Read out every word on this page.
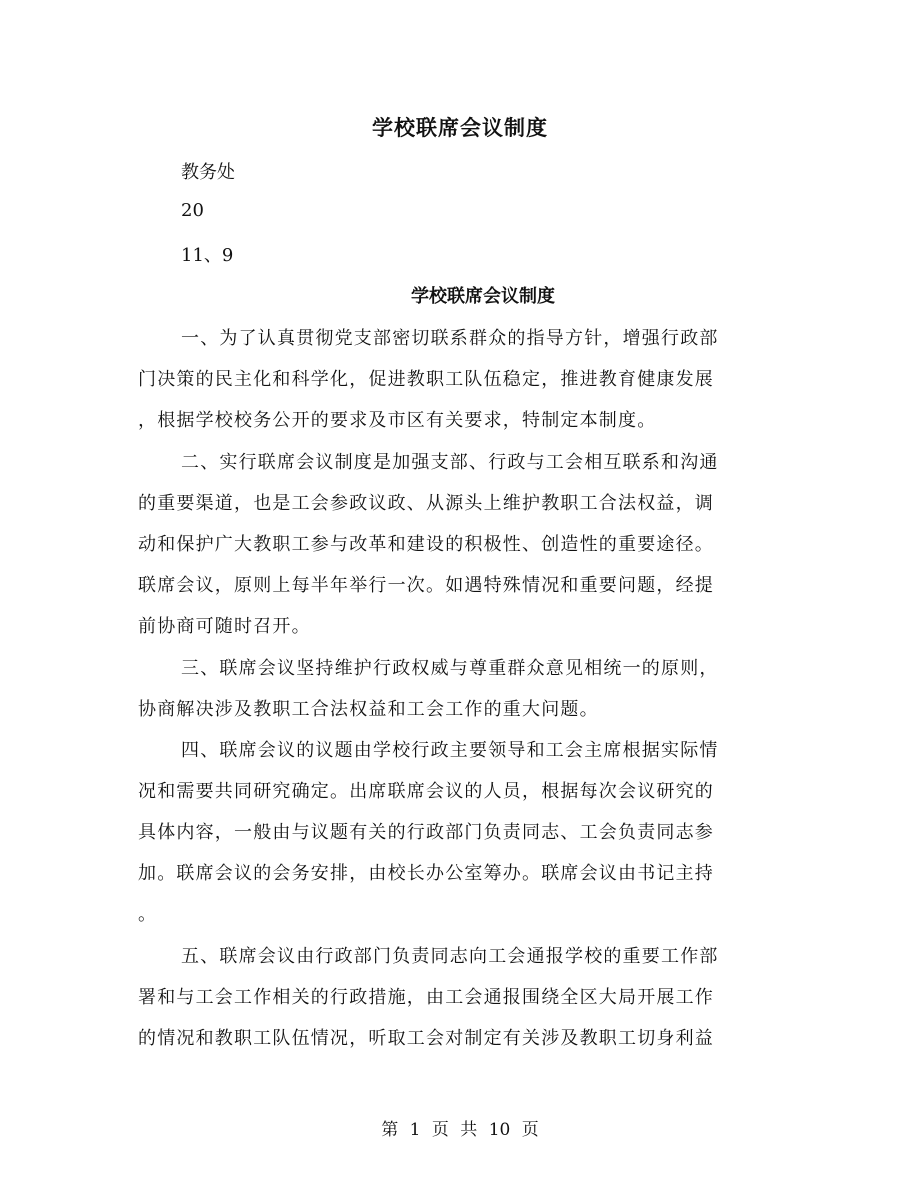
学校联席会议制度
教务处
20
11、9
学校联席会议制度
一、为了认真贯彻党支部密切联系群众的指导方针，增强行政部
门决策的民主化和科学化，促进教职工队伍稳定，推进教育健康发展
，根据学校校务公开的要求及市区有关要求，特制定本制度。
二、实行联席会议制度是加强支部、行政与工会相互联系和沟通
的重要渠道，也是工会参政议政、从源头上维护教职工合法权益，调
动和保护广大教职工参与改革和建设的积极性、创造性的重要途径。
联席会议，原则上每半年举行一次。如遇特殊情况和重要问题，经提
前协商可随时召开。
三、联席会议坚持维护行政权威与尊重群众意见相统一的原则，
协商解决涉及教职工合法权益和工会工作的重大问题。
四、联席会议的议题由学校行政主要领导和工会主席根据实际情
况和需要共同研究确定。出席联席会议的人员，根据每次会议研究的
具体内容，一般由与议题有关的行政部门负责同志、工会负责同志参
加。联席会议的会务安排，由校长办公室筹办。联席会议由书记主持
。
五、联席会议由行政部门负责同志向工会通报学校的重要工作部
署和与工会工作相关的行政措施，由工会通报围绕全区大局开展工作
的情况和教职工队伍情况，听取工会对制定有关涉及教职工切身利益
第 1 页 共 10 页
